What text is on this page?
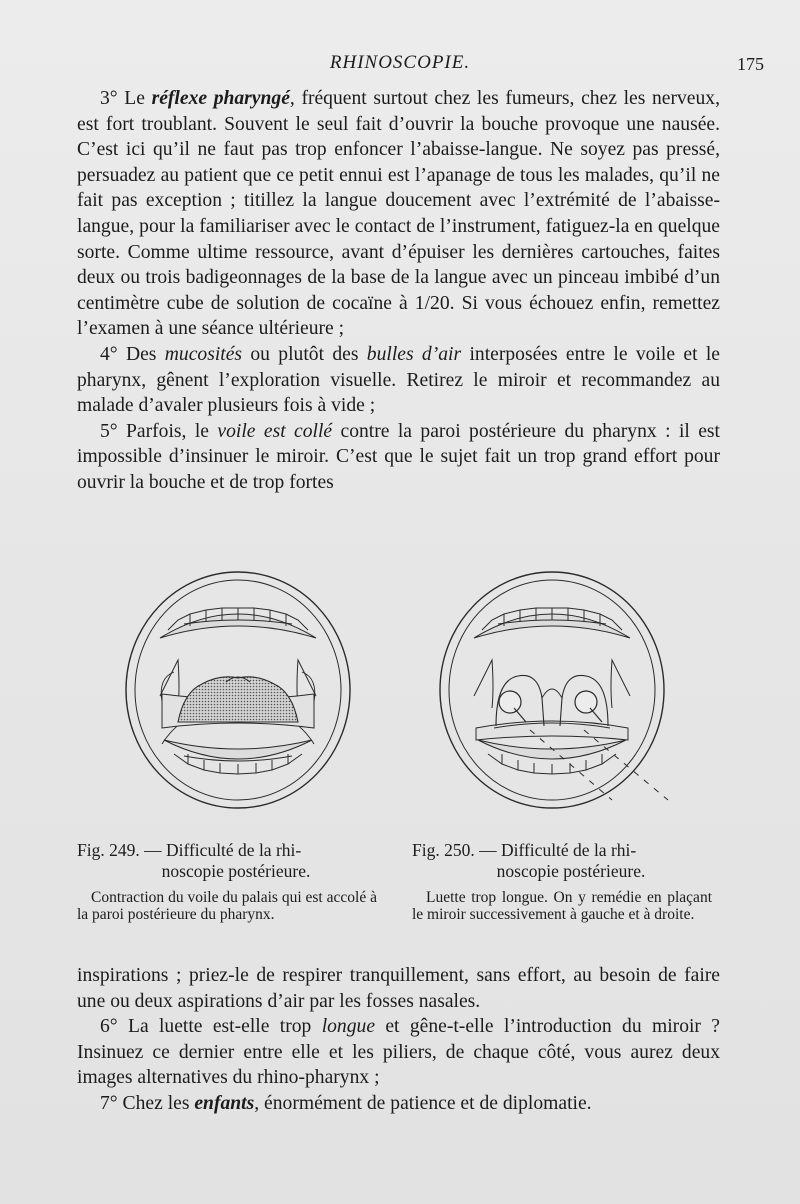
RHINOSCOPIE.	175

3° Le réflexe pharyngé, fréquent surtout chez les fumeurs, chez les nerveux, est fort troublant. Souvent le seul fait d’ouvrir la bouche provoque une nausée. C’est ici qu’il ne faut pas trop enfoncer l’abaisse-langue. Ne soyez pas pressé, persuadez au patient que ce petit ennui est l’apanage de tous les malades, qu’il ne fait pas exception ; titillez la langue doucement avec l’extrémité de l’abaisse-langue, pour la familiariser avec le contact de l’instrument, fatiguez-la en quelque sorte. Comme ultime ressource, avant d’épuiser les dernières cartouches, faites deux ou trois badigeonnages de la base de la langue avec un pinceau imbibé d’un centimètre cube de solution de cocaïne à 1/20. Si vous échouez enfin, remettez l’examen à une séance ultérieure ;

4° Des mucosités ou plutôt des bulles d’air interposées entre le voile et le pharynx, gênent l’exploration visuelle. Retirez le miroir et recommandez au malade d’avaler plusieurs fois à vide ;

5° Parfois, le voile est collé contre la paroi postérieure du pharynx : il est impossible d’insinuer le miroir. C’est que le sujet fait un trop grand effort pour ouvrir la bouche et de trop fortes

Fig. 249. — Difficulté de la rhi-
noscopie postérieure.
Contraction du voile du palais qui est accolé à la paroi postérieure du pharynx.
Fig. 250. — Difficulté de la rhi-
noscopie postérieure.
Luette trop longue. On y remédie en plaçant le miroir successivement à gauche et à droite.

inspirations ; priez-le de respirer tranquillement, sans effort, au besoin de faire une ou deux aspirations d’air par les fosses nasales.

6° La luette est-elle trop longue et gêne-t-elle l’introduction du miroir ? Insinuez ce dernier entre elle et les piliers, de chaque côté, vous aurez deux images alternatives du rhino-pharynx ;

7° Chez les enfants, énormément de patience et de diplomatie.
